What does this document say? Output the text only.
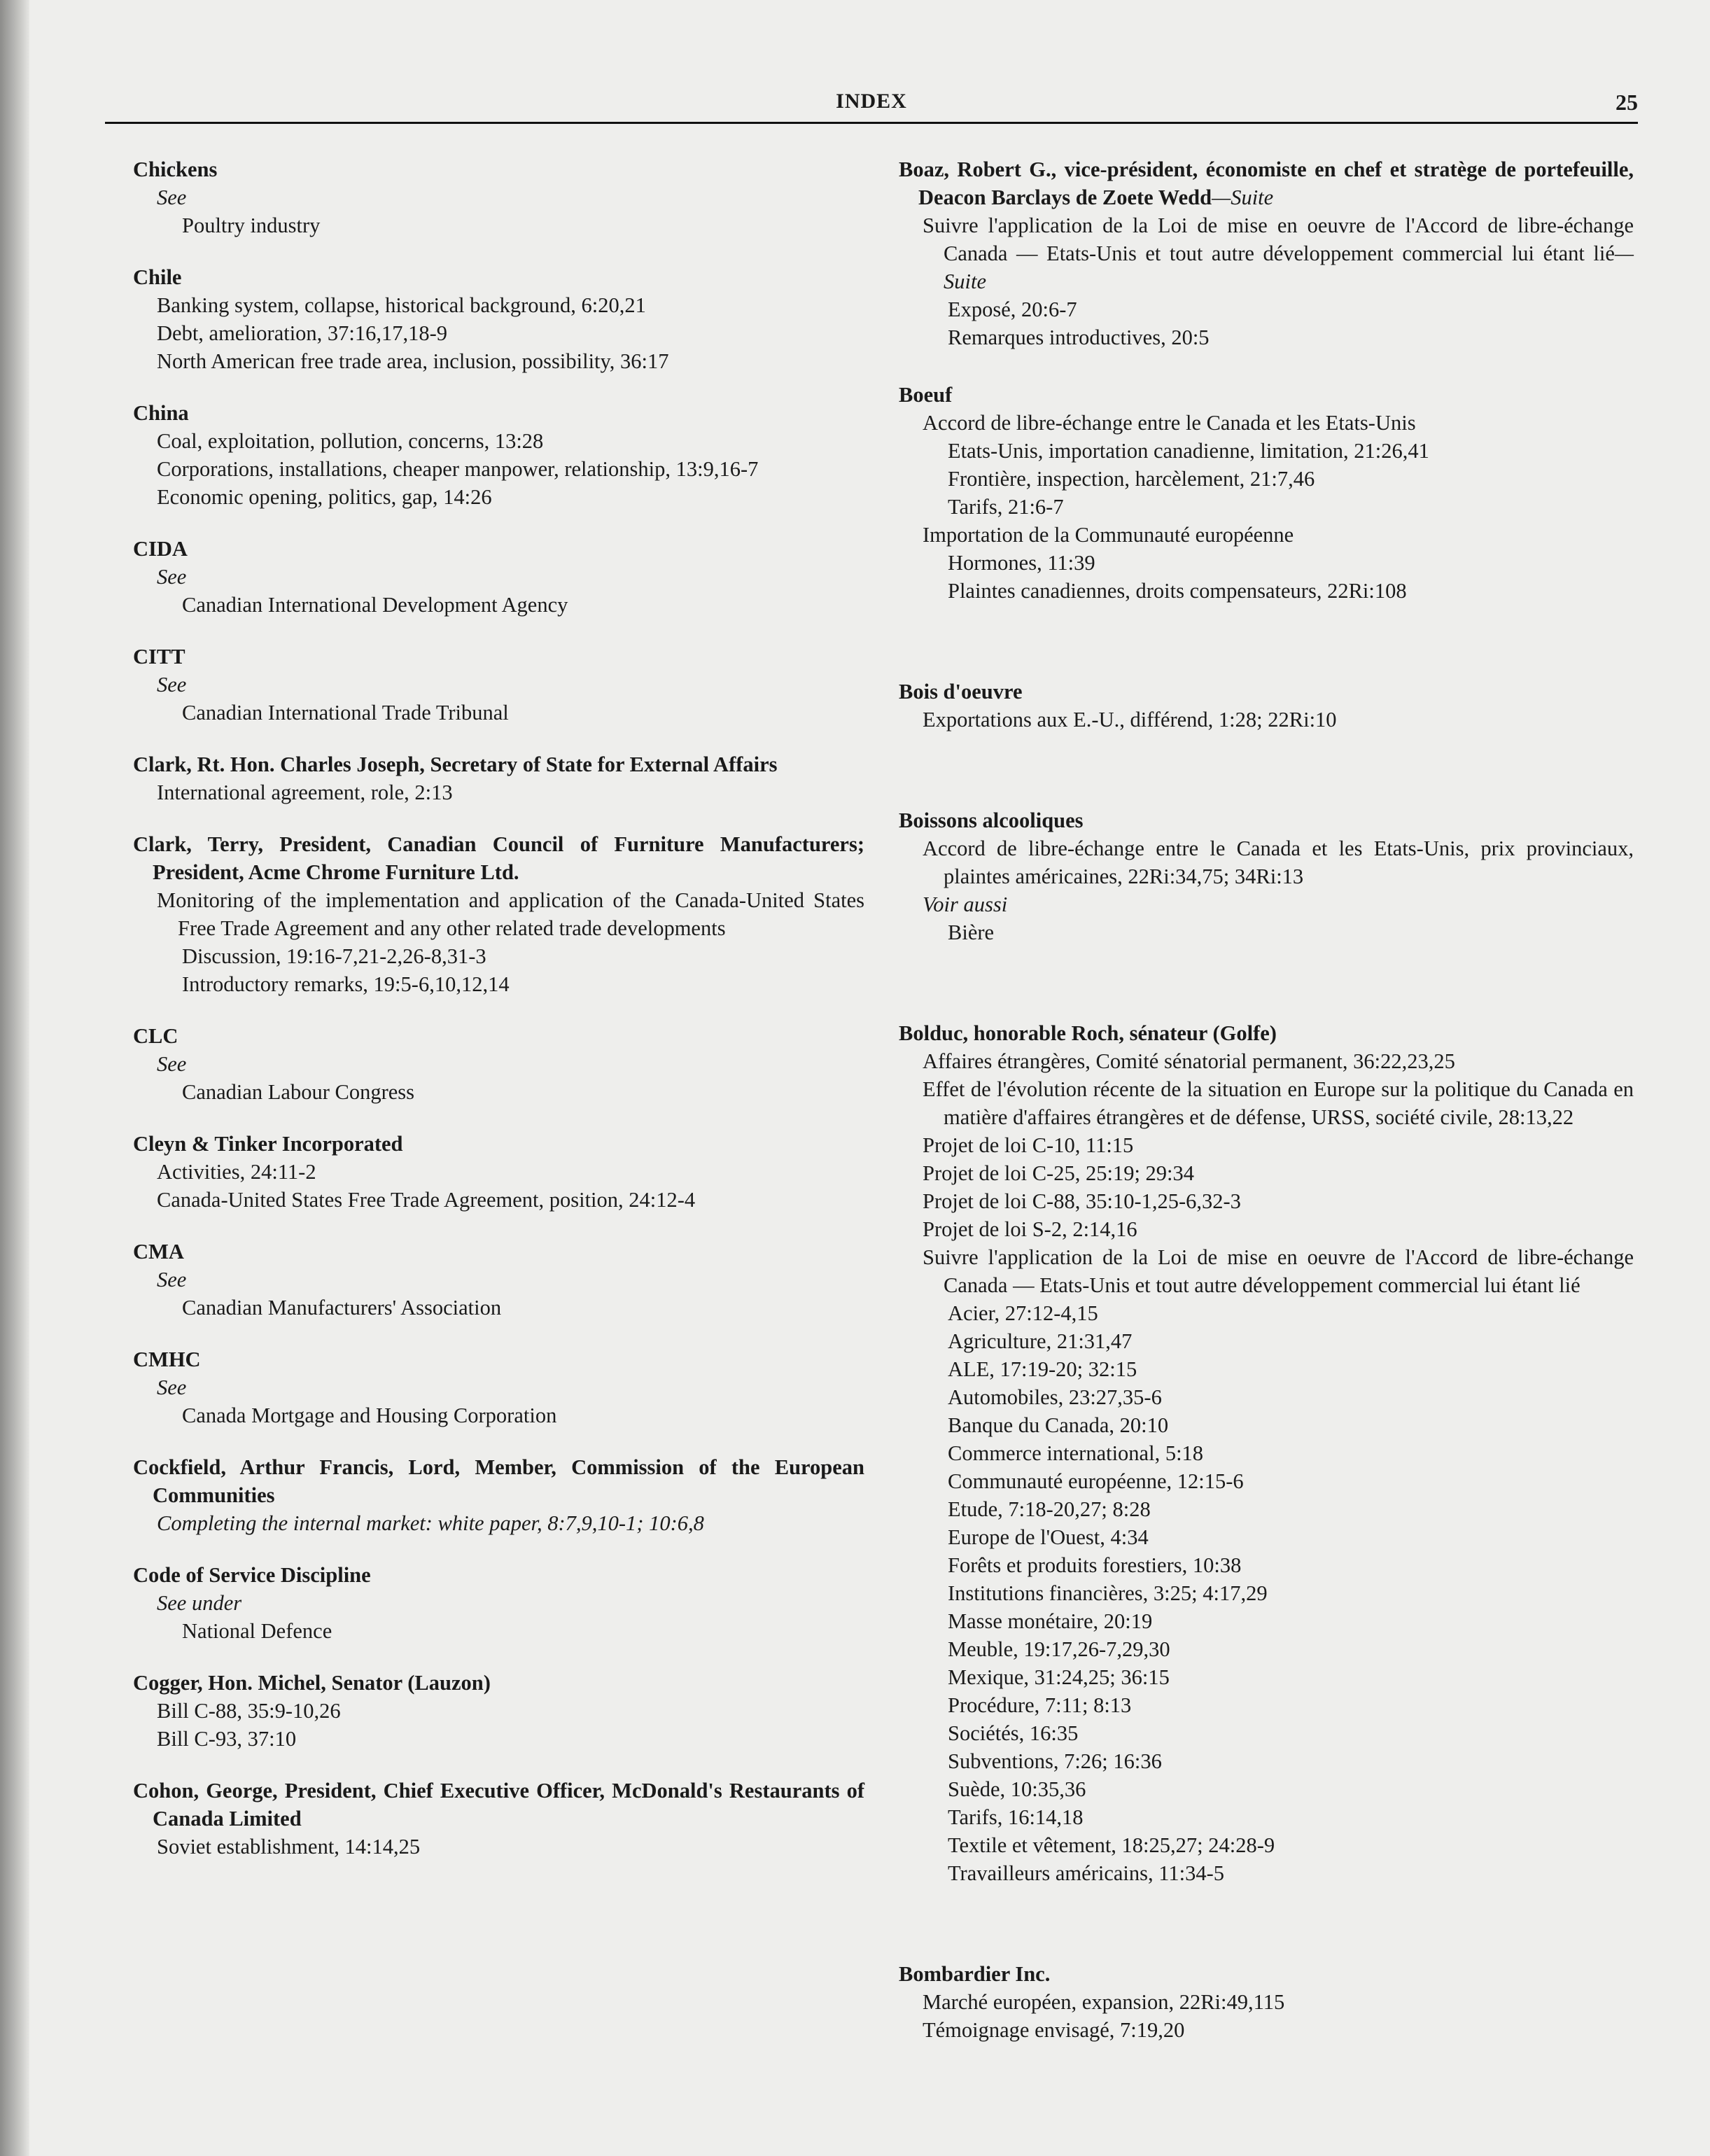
INDEX	25
Chickens
See
Poultry industry
Chile
Banking system, collapse, historical background, 6:20,21
Debt, amelioration, 37:16,17,18-9
North American free trade area, inclusion, possibility, 36:17
China
Coal, exploitation, pollution, concerns, 13:28
Corporations, installations, cheaper manpower, relationship, 13:9,16-7
Economic opening, politics, gap, 14:26
CIDA
See
Canadian International Development Agency
CITT
See
Canadian International Trade Tribunal
Clark, Rt. Hon. Charles Joseph, Secretary of State for External Affairs
International agreement, role, 2:13
Clark, Terry, President, Canadian Council of Furniture Manufacturers; President, Acme Chrome Furniture Ltd.
Monitoring of the implementation and application of the Canada-United States Free Trade Agreement and any other related trade developments
Discussion, 19:16-7,21-2,26-8,31-3
Introductory remarks, 19:5-6,10,12,14
CLC
See
Canadian Labour Congress
Cleyn & Tinker Incorporated
Activities, 24:11-2
Canada-United States Free Trade Agreement, position, 24:12-4
CMA
See
Canadian Manufacturers' Association
CMHC
See
Canada Mortgage and Housing Corporation
Cockfield, Arthur Francis, Lord, Member, Commission of the European Communities
Completing the internal market: white paper, 8:7,9,10-1; 10:6,8
Code of Service Discipline
See under
National Defence
Cogger, Hon. Michel, Senator (Lauzon)
Bill C-88, 35:9-10,26
Bill C-93, 37:10
Cohon, George, President, Chief Executive Officer, McDonald's Restaurants of Canada Limited
Soviet establishment, 14:14,25
Boaz, Robert G., vice-président, économiste en chef et stratège de portefeuille, Deacon Barclays de Zoete Wedd—Suite
Suivre l'application de la Loi de mise en oeuvre de l'Accord de libre-échange Canada — Etats-Unis et tout autre développement commercial lui étant lié—Suite
Exposé, 20:6-7
Remarques introductives, 20:5
Boeuf
Accord de libre-échange entre le Canada et les Etats-Unis
Etats-Unis, importation canadienne, limitation, 21:26,41
Frontière, inspection, harcèlement, 21:7,46
Tarifs, 21:6-7
Importation de la Communauté européenne
Hormones, 11:39
Plaintes canadiennes, droits compensateurs, 22Ri:108
Bois d'oeuvre
Exportations aux E.-U., différend, 1:28; 22Ri:10
Boissons alcooliques
Accord de libre-échange entre le Canada et les Etats-Unis, prix provinciaux, plaintes américaines, 22Ri:34,75; 34Ri:13
Voir aussi
Bière
Bolduc, honorable Roch, sénateur (Golfe)
Affaires étrangères, Comité sénatorial permanent, 36:22,23,25
Effet de l'évolution récente de la situation en Europe sur la politique du Canada en matière d'affaires étrangères et de défense, URSS, société civile, 28:13,22
Projet de loi C-10, 11:15
Projet de loi C-25, 25:19; 29:34
Projet de loi C-88, 35:10-1,25-6,32-3
Projet de loi S-2, 2:14,16
Suivre l'application de la Loi de mise en oeuvre de l'Accord de libre-échange Canada — Etats-Unis et tout autre développement commercial lui étant lié
Acier, 27:12-4,15
Agriculture, 21:31,47
ALE, 17:19-20; 32:15
Automobiles, 23:27,35-6
Banque du Canada, 20:10
Commerce international, 5:18
Communauté européenne, 12:15-6
Etude, 7:18-20,27; 8:28
Europe de l'Ouest, 4:34
Forêts et produits forestiers, 10:38
Institutions financières, 3:25; 4:17,29
Masse monétaire, 20:19
Meuble, 19:17,26-7,29,30
Mexique, 31:24,25; 36:15
Procédure, 7:11; 8:13
Sociétés, 16:35
Subventions, 7:26; 16:36
Suède, 10:35,36
Tarifs, 16:14,18
Textile et vêtement, 18:25,27; 24:28-9
Travailleurs américains, 11:34-5
Bombardier Inc.
Marché européen, expansion, 22Ri:49,115
Témoignage envisagé, 7:19,20
